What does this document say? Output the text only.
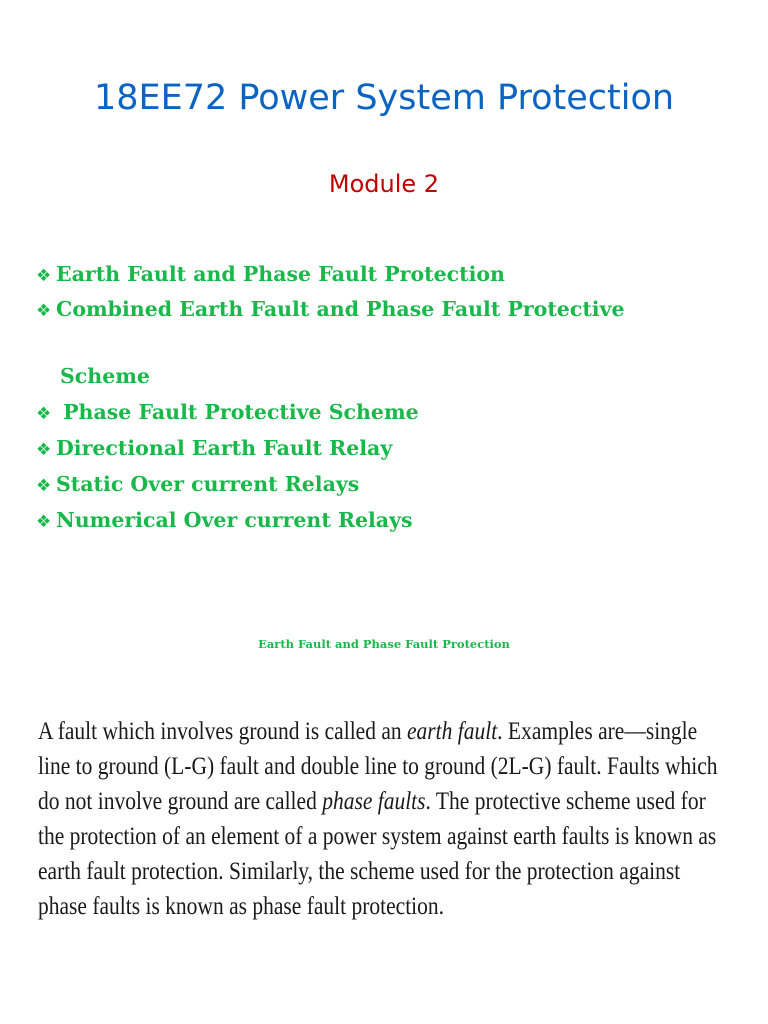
18EE72 Power System Protection
Module 2
❖ Earth Fault and Phase Fault Protection
❖ Combined Earth Fault and Phase Fault Protective
Scheme
❖ Phase Fault Protective Scheme
❖ Directional Earth Fault Relay
❖ Static Over current Relays
❖ Numerical Over current Relays
Earth Fault and Phase Fault Protection
A fault which involves ground is called an earth fault. Examples are—single
line to ground (L-G) fault and double line to ground (2L-G) fault. Faults which
do not involve ground are called phase faults. The protective scheme used for
the protection of an element of a power system against earth faults is known as
earth fault protection. Similarly, the scheme used for the protection against
phase faults is known as phase fault protection.
